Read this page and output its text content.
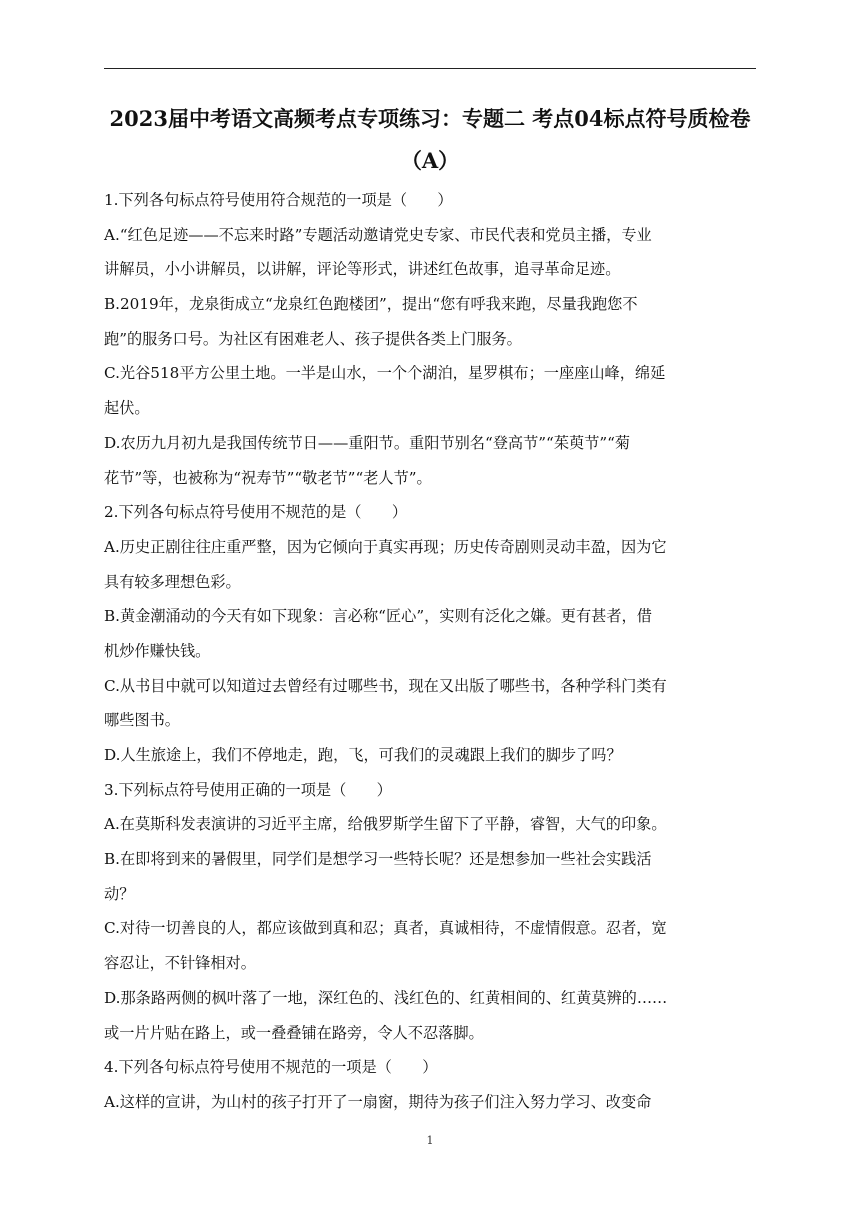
2023届中考语文高频考点专项练习：专题二 考点04标点符号质检卷
（A）
1.下列各句标点符号使用符合规范的一项是（　　）
A.“红色足迹——不忘来时路”专题活动邀请党史专家、市民代表和党员主播，专业
讲解员，小小讲解员，以讲解，评论等形式，讲述红色故事，追寻革命足迹。
B.2019年，龙泉街成立“龙泉红色跑楼团”，提出“您有呼我来跑，尽量我跑您不
跑”的服务口号。为社区有困难老人、孩子提供各类上门服务。
C.光谷518平方公里土地。一半是山水，一个个湖泊，星罗棋布；一座座山峰，绵延
起伏。
D.农历九月初九是我国传统节日——重阳节。重阳节别名“登高节”“茱萸节”“菊
花节”等，也被称为“祝寿节”“敬老节”“老人节”。
2.下列各句标点符号使用不规范的是（　　）
A.历史正剧往往庄重严整，因为它倾向于真实再现；历史传奇剧则灵动丰盈，因为它
具有较多理想色彩。
B.黄金潮涌动的今天有如下现象：言必称“匠心”，实则有泛化之嫌。更有甚者，借
机炒作赚快钱。
C.从书目中就可以知道过去曾经有过哪些书，现在又出版了哪些书，各种学科门类有
哪些图书。
D.人生旅途上，我们不停地走，跑，飞，可我们的灵魂跟上我们的脚步了吗？
3.下列标点符号使用正确的一项是（　　）
A.在莫斯科发表演讲的习近平主席，给俄罗斯学生留下了平静，睿智，大气的印象。
B.在即将到来的暑假里，同学们是想学习一些特长呢？还是想参加一些社会实践活
动？
C.对待一切善良的人，都应该做到真和忍；真者，真诚相待，不虚情假意。忍者，宽
容忍让，不针锋相对。
D.那条路两侧的枫叶落了一地，深红色的、浅红色的、红黄相间的、红黄莫辨的……
或一片片贴在路上，或一叠叠铺在路旁，令人不忍落脚。
4.下列各句标点符号使用不规范的一项是（　　）
A.这样的宣讲，为山村的孩子打开了一扇窗，期待为孩子们注入努力学习、改变命
1
